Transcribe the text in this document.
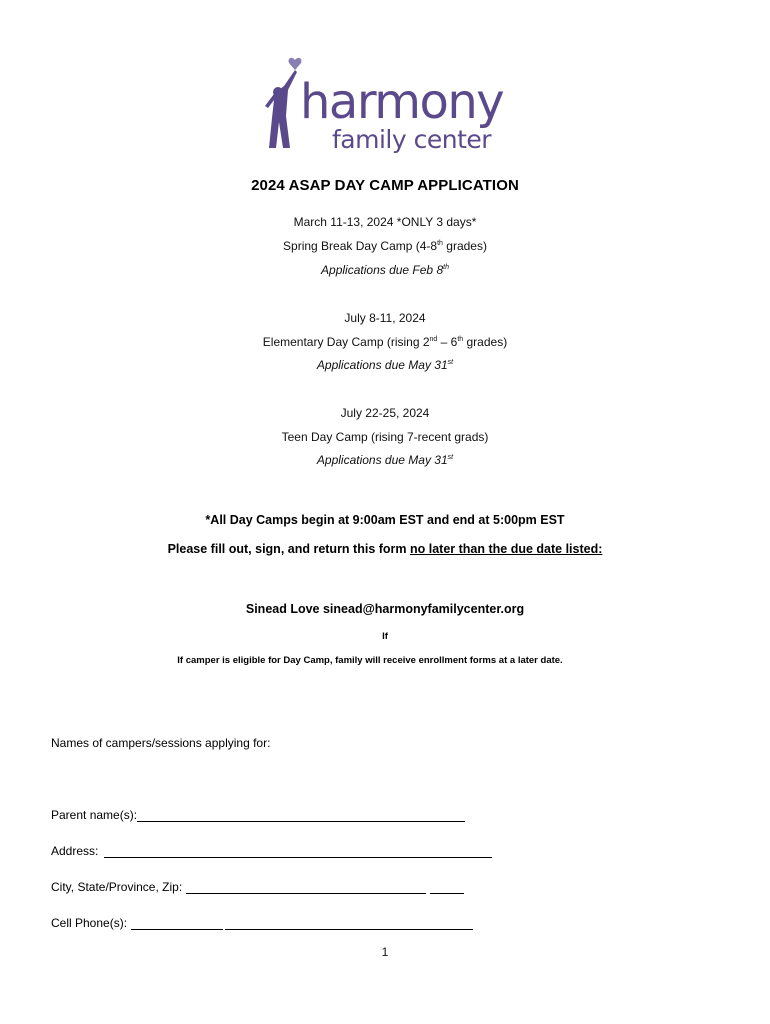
harmony
family center
2024 ASAP DAY CAMP APPLICATION
March 11-13, 2024 *ONLY 3 days*
Spring Break Day Camp (4-8th grades)
Applications due Feb 8th
July 8-11, 2024
Elementary Day Camp (rising 2nd – 6th grades)
Applications due May 31st
July 22-25, 2024
Teen Day Camp (rising 7-recent grads)
Applications due May 31st
*All Day Camps begin at 9:00am EST and end at 5:00pm EST
Please fill out, sign, and return this form no later than the due date listed:
Sinead Love sinead@harmonyfamilycenter.org
If
If camper is eligible for Day Camp, family will receive enrollment forms at a later date.
Names of campers/sessions applying for:
Parent name(s):
Address:
City, State/Province, Zip:
Cell Phone(s):
1
